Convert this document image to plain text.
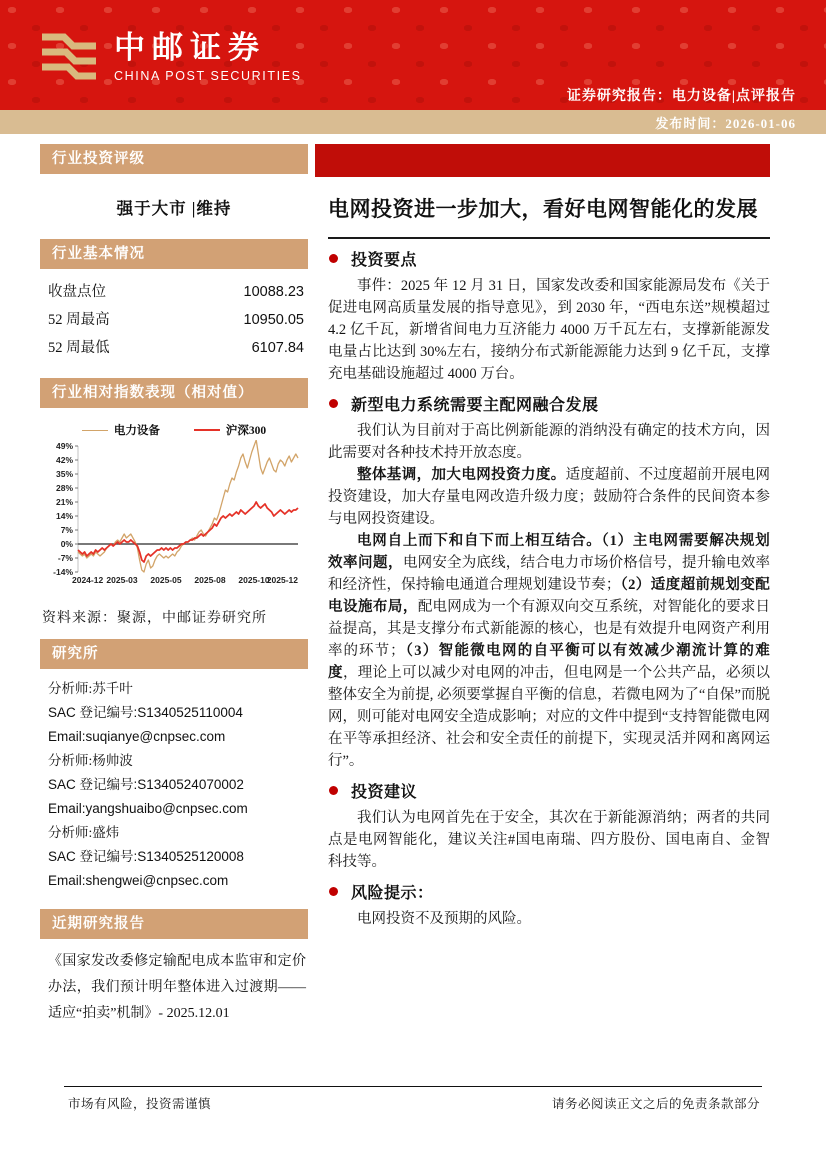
中邮证券
CHINA POST SECURITIES
证券研究报告：电力设备|点评报告
发布时间：2026-01-06
行业投资评级
强于大市 |维持
行业基本情况
收盘点位	10088.23
52 周最高	10950.05
52 周最低	6107.84
行业相对指数表现（相对值）
电力设备	沪深300
-14%
-7%
0%
7%
14%
21%
28%
35%
42%
49%
2024-12 2025-03 2025-05 2025-08 2025-10
2025-12
资料来源：聚源，中邮证券研究所
研究所
分析师:苏千叶
SAC 登记编号:S1340525110004
Email:suqianye@cnpsec.com
分析师:杨帅波
SAC 登记编号:S1340524070002
Email:yangshuaibo@cnpsec.com
分析师:盛炜
SAC 登记编号:S1340525120008
Email:shengwei@cnpsec.com
近期研究报告
《国家发改委修定输配电成本监审和定价办法，我们预计明年整体进入过渡期——适应“拍卖”机制》- 2025.12.01
电网投资进一步加大，看好电网智能化的发展
投资要点

事件：2025 年 12 月 31 日，国家发改委和国家能源局发布《关于促进电网高质量发展的指导意见》，到 2030 年，“西电东送”规模超过 4.2 亿千瓦，新增省间电力互济能力 4000 万千瓦左右，支撑新能源发电量占比达到 30%左右，接纳分布式新能源能力达到 9 亿千瓦，支撑充电基础设施超过 4000 万台。

新型电力系统需要主配网融合发展

我们认为目前对于高比例新能源的消纳没有确定的技术方向，因此需要对各种技术持开放态度。

整体基调，加大电网投资力度。适度超前、不过度超前开展电网投资建设，加大存量电网改造升级力度；鼓励符合条件的民间资本参与电网投资建设。

电网自上而下和自下而上相互结合。（1）主电网需要解决规划效率问题，电网安全为底线，结合电力市场价格信号，提升输电效率和经济性，保持输电通道合理规划建设节奏；（2）适度超前规划变配电设施布局，配电网成为一个有源双向交互系统，对智能化的要求日益提高，其是支撑分布式新能源的核心，也是有效提升电网资产利用率的环节；（3）智能微电网的自平衡可以有效减少潮流计算的难度，理论上可以减少对电网的冲击，但电网是一个公共产品，必须以整体安全为前提, 必须要掌握自平衡的信息，若微电网为了“自保”而脱网，则可能对电网安全造成影响；对应的文件中提到“支持智能微电网在平等承担经济、社会和安全责任的前提下，实现灵活并网和离网运行”。

投资建议

我们认为电网首先在于安全，其次在于新能源消纳；两者的共同点是电网智能化，建议关注#国电南瑞、四方股份、国电南自、金智科技等。

风险提示：

电网投资不及预期的风险。

市场有风险，投资需谨慎	请务必阅读正文之后的免责条款部分
